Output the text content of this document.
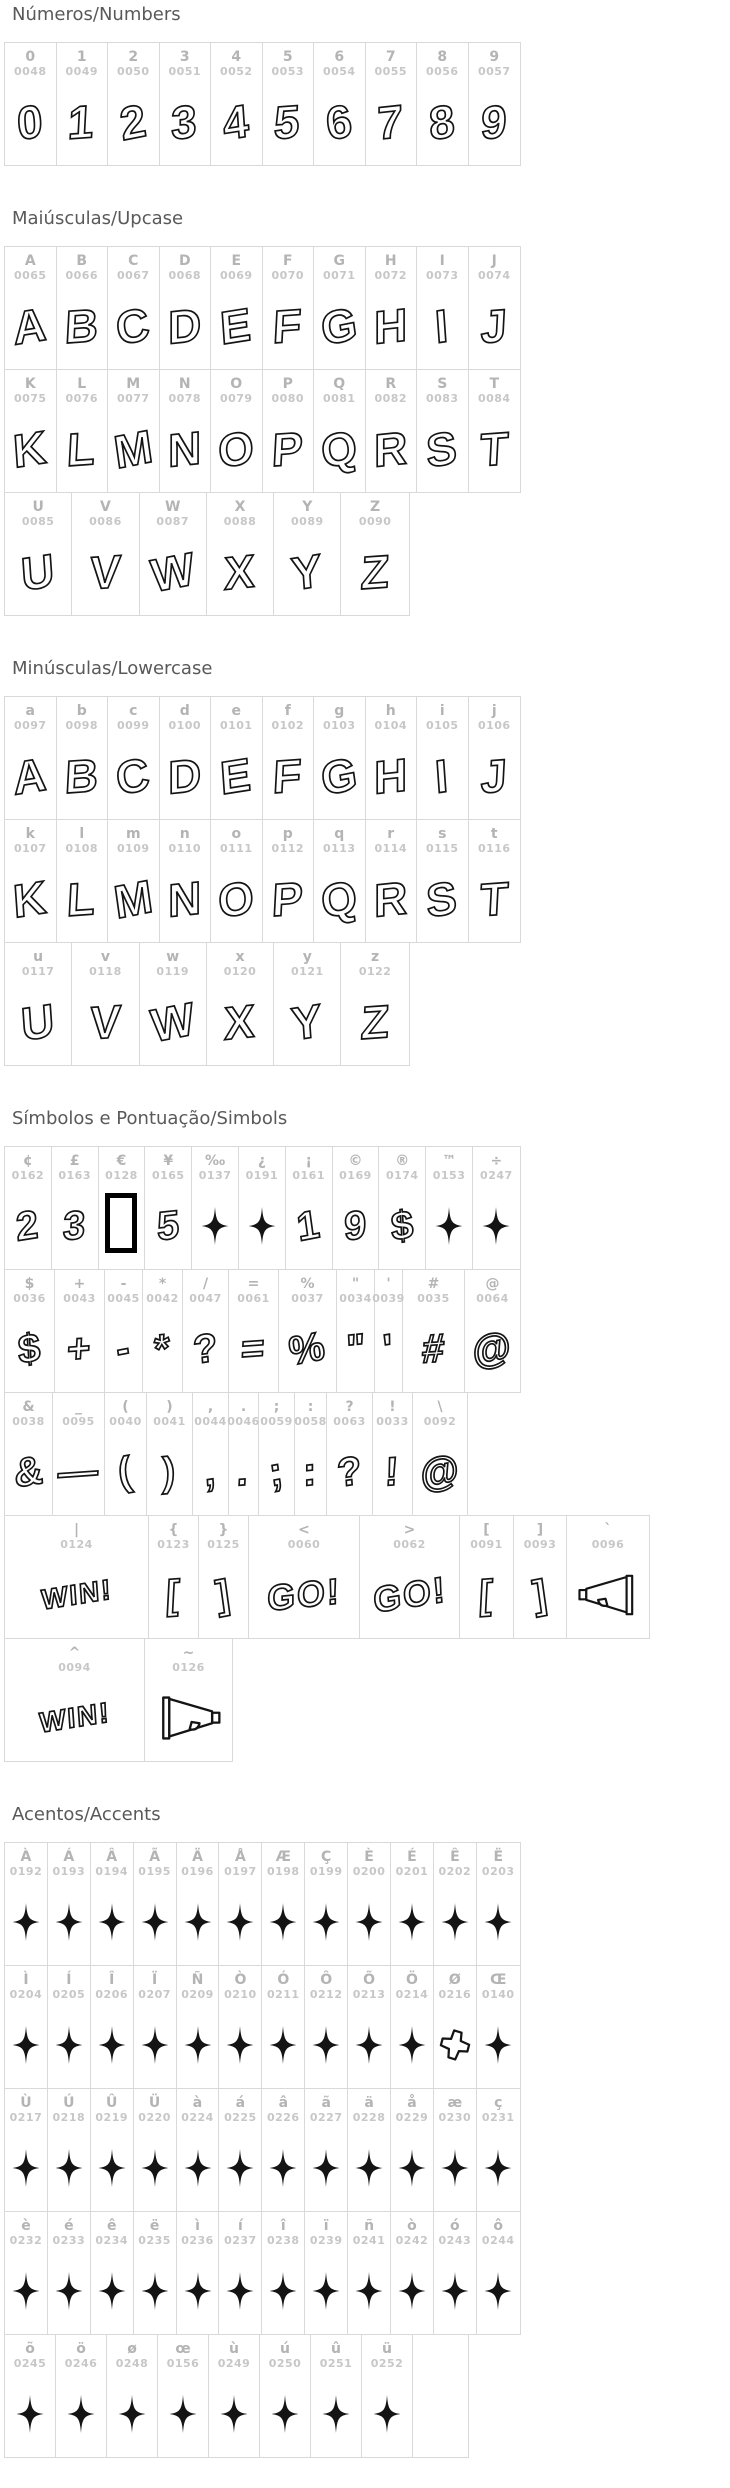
Números/Numbers
0
0048
0
1
0049
1
2
0050
2
3
0051
3
4
0052
4
5
0053
5
6
0054
6
7
0055
7
8
0056
8
9
0057
9
Maiúsculas/Upcase
A
0065
A
B
0066
B
C
0067
C
D
0068
D
E
0069
E
F
0070
F
G
0071
G
H
0072
H
I
0073
I
J
0074
J
K
0075
K
L
0076
L
M
0077
M
N
0078
N
O
0079
O
P
0080
P
Q
0081
Q
R
0082
R
S
0083
S
T
0084
T
U
0085
U
V
0086
V
W
0087
W
X
0088
X
Y
0089
Y
Z
0090
Z
Minúsculas/Lowercase
a
0097
A
b
0098
B
c
0099
C
d
0100
D
e
0101
E
f
0102
F
g
0103
G
h
0104
H
i
0105
I
j
0106
J
k
0107
K
l
0108
L
m
0109
M
n
0110
N
o
0111
O
p
0112
P
q
0113
Q
r
0114
R
s
0115
S
t
0116
T
u
0117
U
v
0118
V
w
0119
W
x
0120
X
y
0121
Y
z
0122
Z
Símbolos e Pontuação/Simbols
¢
0162
2
£
0163
3
€
0128
¥
0165
5
‰
0137
¿
0191
¡
0161
1
©
0169
9
®
0174
$
™
0153
÷
0247
$
0036
$
+
0043
+
-
0045
-
*
0042
*
/
0047
?
=
0061
=
%
0037
%
"
0034
"
'
0039
'
#
0035
#
@
0064
@
&
0038
&
_
0095
—
(
0040
(
)
0041
)
,
0044
,
.
0046
.
;
0059
;
:
0058
:
?
0063
?
!
0033
!
\
0092
@
|
0124
WIN!
{
0123
[
}
0125
]
<
0060
GO!
>
0062
GO!
[
0091
[
]
0093
]
`
0096
^
0094
WIN!
~
0126
Acentos/Accents
À
0192
Á
0193
Â
0194
Ã
0195
Ä
0196
Å
0197
Æ
0198
Ç
0199
È
0200
É
0201
Ê
0202
Ë
0203
Ì
0204
Í
0205
Î
0206
Ï
0207
Ñ
0209
Ò
0210
Ó
0211
Ô
0212
Õ
0213
Ö
0214
Ø
0216
Œ
0140
Ù
0217
Ú
0218
Û
0219
Ü
0220
à
0224
á
0225
â
0226
ã
0227
ä
0228
å
0229
æ
0230
ç
0231
è
0232
é
0233
ê
0234
ë
0235
ì
0236
í
0237
î
0238
ï
0239
ñ
0241
ò
0242
ó
0243
ô
0244
õ
0245
ö
0246
ø
0248
œ
0156
ù
0249
ú
0250
û
0251
ü
0252
